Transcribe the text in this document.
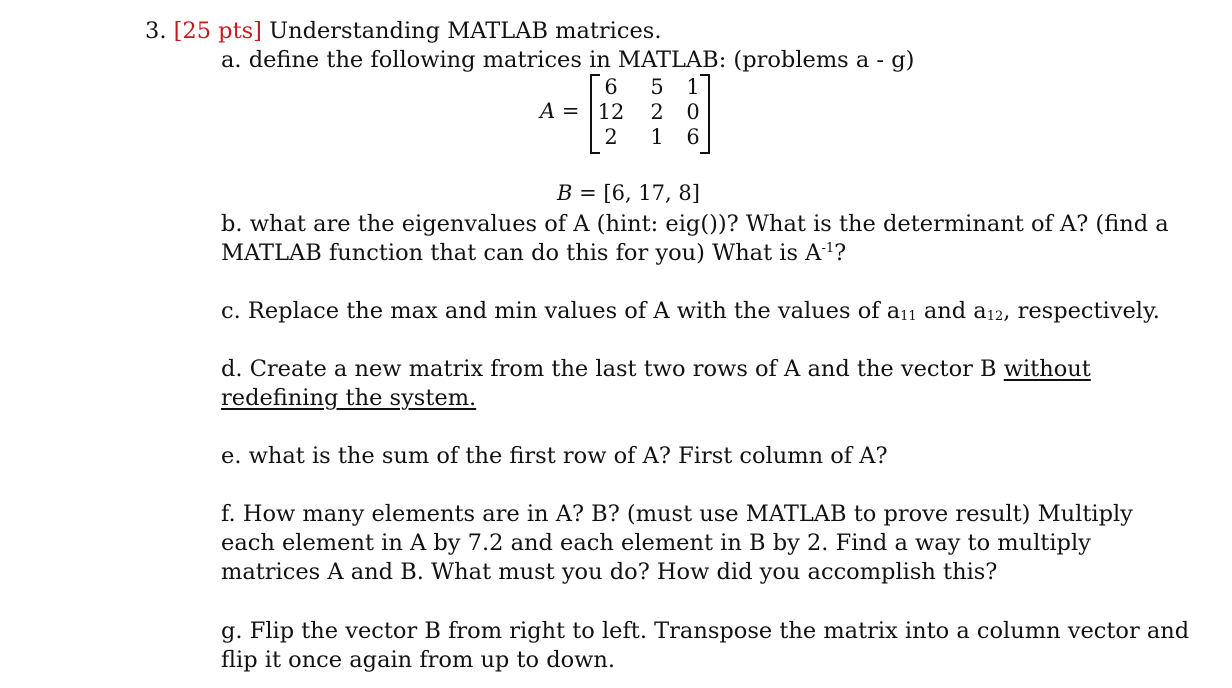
3. [25 pts] Understanding MATLAB matrices.
a. define the following matrices in MATLAB: (problems a - g)
A =
6	5	1
12	2	0
2	1	6
B = [6, 17, 8]
b. what are the eigenvalues of A (hint: eig())? What is the determinant of A? (find a
MATLAB function that can do this for you) What is $A^{-1}$?
c. Replace the max and min values of A with the values of $a_{11}$ and $a_{12}$, respectively.
d. Create a new matrix from the last two rows of A and the vector B without
redefining the system.
e. what is the sum of the first row of A? First column of A?
f. How many elements are in A? B? (must use MATLAB to prove result) Multiply
each element in A by 7.2 and each element in B by 2. Find a way to multiply
matrices A and B. What must you do? How did you accomplish this?
g. Flip the vector B from right to left. Transpose the matrix into a column vector and
flip it once again from up to down.
